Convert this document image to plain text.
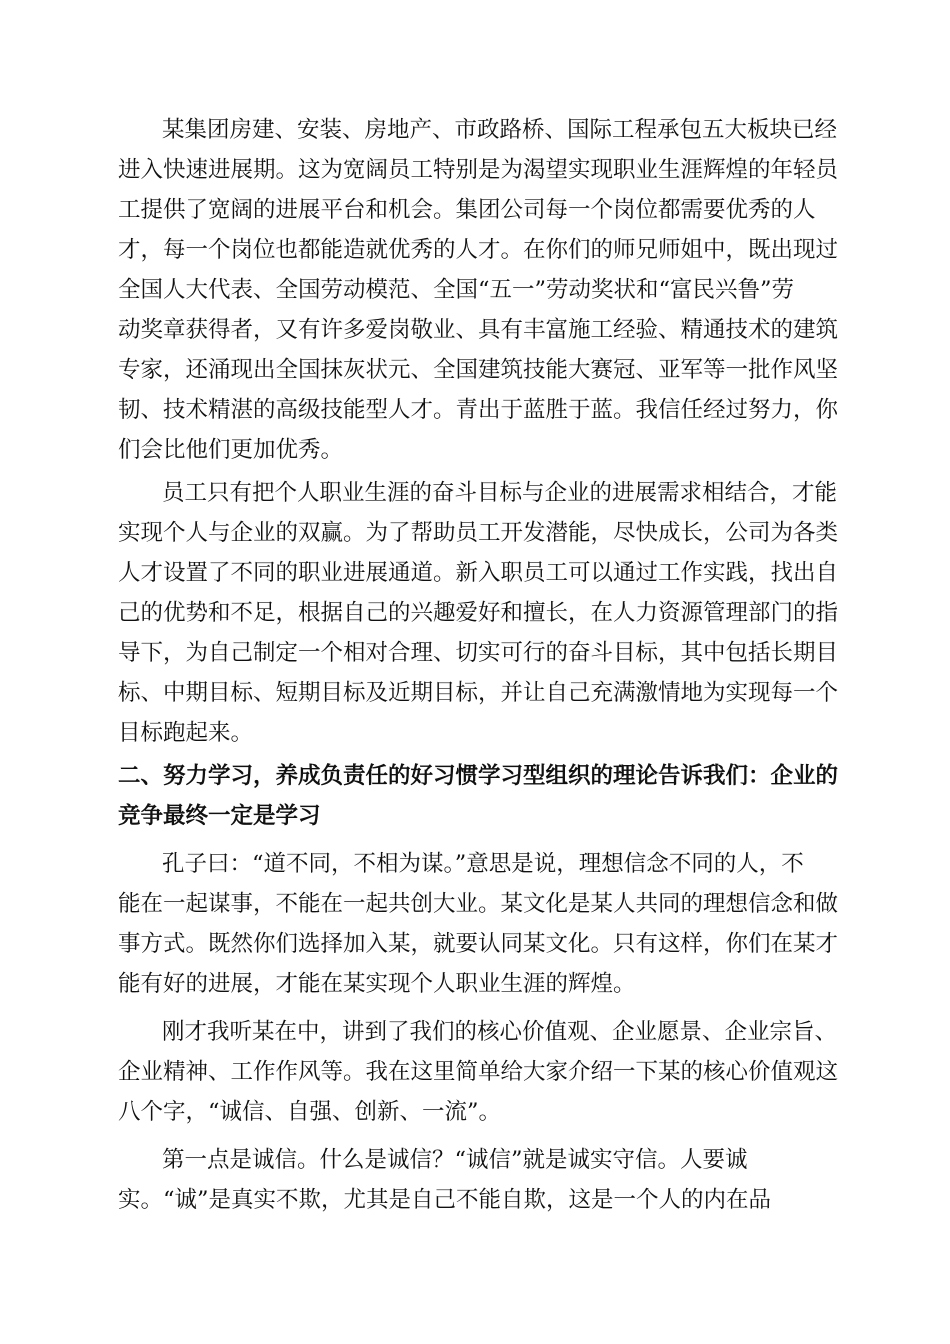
某集团房建、安装、房地产、市政路桥、国际工程承包五大板块已经
进入快速进展期。这为宽阔员工特别是为渴望实现职业生涯辉煌的年轻员
工提供了宽阔的进展平台和机会。集团公司每一个岗位都需要优秀的人
才，每一个岗位也都能造就优秀的人才。在你们的师兄师姐中，既出现过
全国人大代表、全国劳动模范、全国“五一”劳动奖状和“富民兴鲁”劳
动奖章获得者，又有许多爱岗敬业、具有丰富施工经验、精通技术的建筑
专家，还涌现出全国抹灰状元、全国建筑技能大赛冠、亚军等一批作风坚
韧、技术精湛的高级技能型人才。青出于蓝胜于蓝。我信任经过努力，你
们会比他们更加优秀。
员工只有把个人职业生涯的奋斗目标与企业的进展需求相结合，才能
实现个人与企业的双赢。为了帮助员工开发潜能，尽快成长，公司为各类
人才设置了不同的职业进展通道。新入职员工可以通过工作实践，找出自
己的优势和不足，根据自己的兴趣爱好和擅长，在人力资源管理部门的指
导下，为自己制定一个相对合理、切实可行的奋斗目标，其中包括长期目
标、中期目标、短期目标及近期目标，并让自己充满激情地为实现每一个
目标跑起来。
二、努力学习，养成负责任的好习惯学习型组织的理论告诉我们：企业的
竞争最终一定是学习
孔子曰：“道不同，不相为谋。”意思是说，理想信念不同的人，不
能在一起谋事，不能在一起共创大业。某文化是某人共同的理想信念和做
事方式。既然你们选择加入某，就要认同某文化。只有这样，你们在某才
能有好的进展，才能在某实现个人职业生涯的辉煌。
刚才我听某在中，讲到了我们的核心价值观、企业愿景、企业宗旨、
企业精神、工作作风等。我在这里简单给大家介绍一下某的核心价值观这
八个字，“诚信、自强、创新、一流”。
第一点是诚信。什么是诚信？“诚信”就是诚实守信。人要诚
实。“诚”是真实不欺，尤其是自己不能自欺，这是一个人的内在品
